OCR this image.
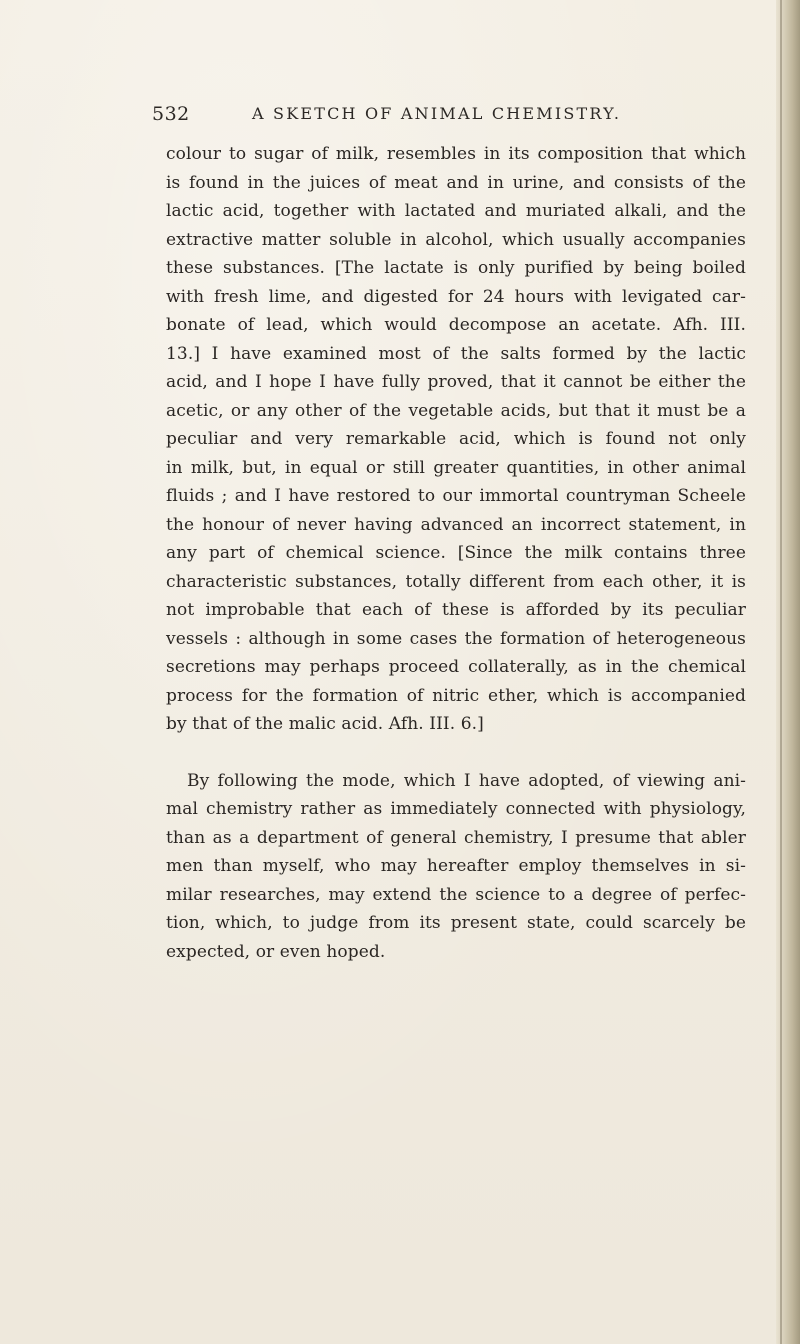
532	A SKETCH OF ANIMAL CHEMISTRY.
colour to sugar of milk, resembles in its composition that which
is found in the juices of meat and in urine, and consists of the
lactic acid, together with lactated and muriated alkali, and the
extractive matter soluble in alcohol, which usually accompanies
these substances. [The lactate is only purified by being boiled
with fresh lime, and digested for 24 hours with levigated car-
bonate of lead, which would decompose an acetate. Afh. III.
13.] I have examined most of the salts formed by the lactic
acid, and I hope I have fully proved, that it cannot be either the
acetic, or any other of the vegetable acids, but that it must be a
peculiar and very remarkable acid, which is found not only
in milk, but, in equal or still greater quantities, in other animal
fluids ; and I have restored to our immortal countryman Scheele
the honour of never having advanced an incorrect statement, in
any part of chemical science. [Since the milk contains three
characteristic substances, totally different from each other, it is
not improbable that each of these is afforded by its peculiar
vessels : although in some cases the formation of heterogeneous
secretions may perhaps proceed collaterally, as in the chemical
process for the formation of nitric ether, which is accompanied
by that of the malic acid. Afh. III. 6.]
By following the mode, which I have adopted, of viewing ani-
mal chemistry rather as immediately connected with physiology,
than as a department of general chemistry, I presume that abler
men than myself, who may hereafter employ themselves in si-
milar researches, may extend the science to a degree of perfec-
tion, which, to judge from its present state, could scarcely be
expected, or even hoped.
